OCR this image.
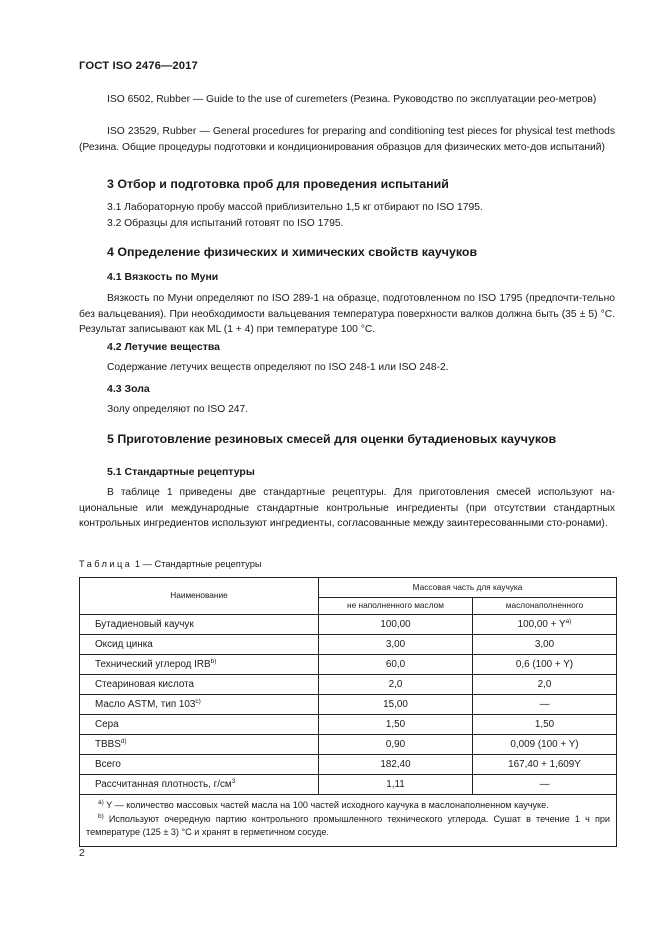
ГОСТ ISO 2476—2017
ISO 6502, Rubber — Guide to the use of curemeters (Резина. Руководство по эксплуатации рео-метров)
ISO 23529, Rubber — General procedures for preparing and conditioning test pieces for physical test methods (Резина. Общие процедуры подготовки и кондиционирования образцов для физических мето-дов испытаний)
3 Отбор и подготовка проб для проведения испытаний
3.1 Лабораторную пробу массой приблизительно 1,5 кг отбирают по ISO 1795.
3.2 Образцы для испытаний готовят по ISO 1795.
4 Определение физических и химических свойств каучуков
4.1 Вязкость по Муни
Вязкость по Муни определяют по ISO 289-1 на образце, подготовленном по ISO 1795 (предпочти-тельно без вальцевания). При необходимости вальцевания температура поверхности валков должна быть (35 ± 5) °С. Результат записывают как ML (1 + 4) при температуре 100 °С.
4.2 Летучие вещества
Содержание летучих веществ определяют по ISO 248-1 или ISO 248-2.
4.3 Зола
Золу определяют по ISO 247.
5 Приготовление резиновых смесей для оценки бутадиеновых каучуков
5.1 Стандартные рецептуры
В таблице 1 приведены две стандартные рецептуры. Для приготовления смесей используют на-циональные или международные стандартные контрольные ингредиенты (при отсутствии стандартных контрольных ингредиентов используют ингредиенты, согласованные между заинтересованными сто-ронами).
Таблица 1 — Стандартные рецептуры
Наименование	Массовая часть для каучука	
	не наполненного маслом	маслонаполненного
Бутадиеновый каучук	100,00	$100,00 + Y^{a)}$
Оксид цинка	3,00	3,00
Технический углерод IRB$^{b)}$	60,0	0,6 (100 + Y)
Стеариновая кислота	2,0	2,0
Масло ASTM, тип 103$^{c)}$	15,00	—
Сера	1,50	1,50
TBBS$^{d)}$	0,90	0,009 (100 + Y)
Всего	182,40	167,40 + 1,609Y
Рассчитанная плотность, $г/см^3$	1,11	—

$^{a)}$ Y — количество массовых частей масла на 100 частей исходного каучука в маслонаполненном каучуке.

$^{b)}$ Используют очередную партию контрольного промышленного технического углерода. Сушат в течение 1 ч при температуре (125 ± 3) °С и хранят в герметичном сосуде.		

2
